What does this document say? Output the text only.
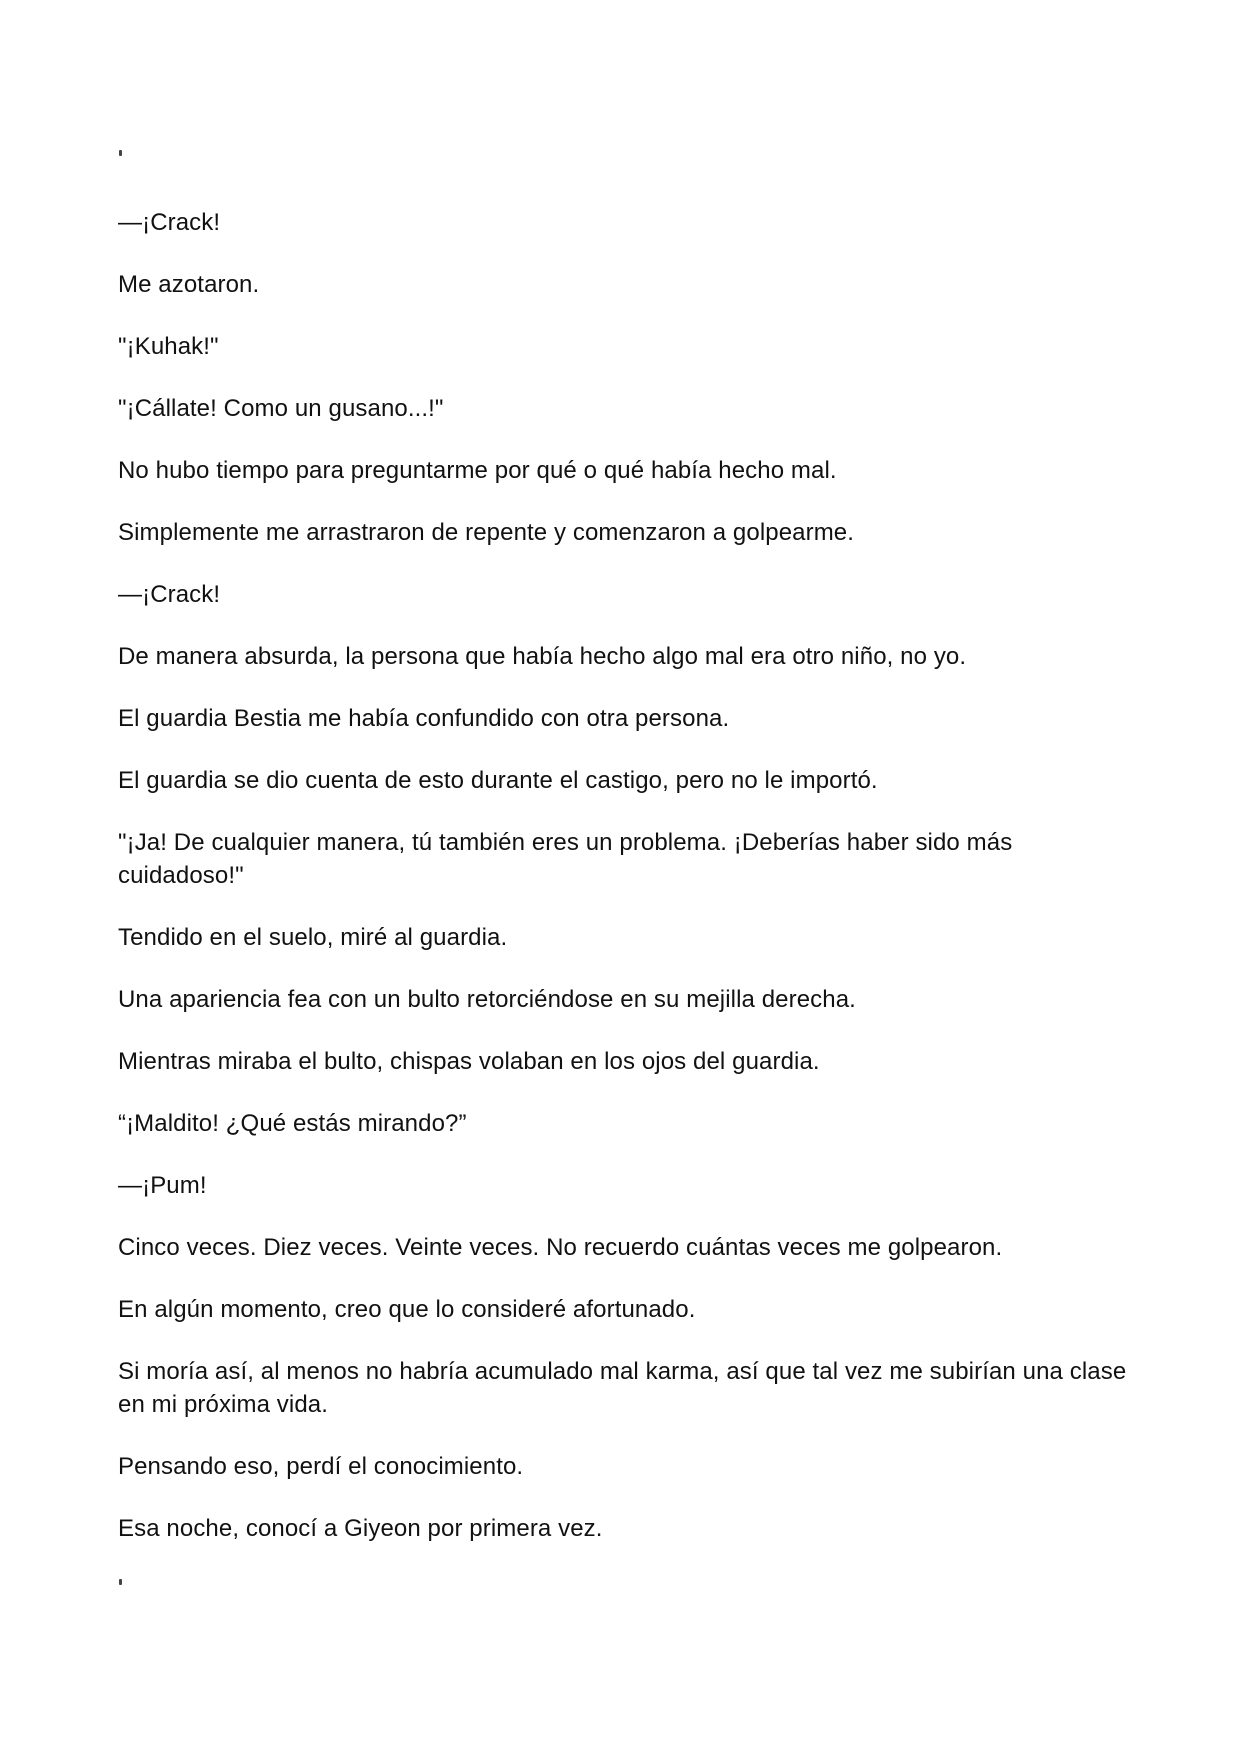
—¡Crack!

Me azotaron.

"¡Kuhak!"

"¡Cállate! Como un gusano...!"

No hubo tiempo para preguntarme por qué o qué había hecho mal.

Simplemente me arrastraron de repente y comenzaron a golpearme.

—¡Crack!

De manera absurda, la persona que había hecho algo mal era otro niño, no yo.

El guardia Bestia me había confundido con otra persona.

El guardia se dio cuenta de esto durante el castigo, pero no le importó.

"¡Ja! De cualquier manera, tú también eres un problema. ¡Deberías haber sido más cuidadoso!"

Tendido en el suelo, miré al guardia.

Una apariencia fea con un bulto retorciéndose en su mejilla derecha.

Mientras miraba el bulto, chispas volaban en los ojos del guardia.

“¡Maldito! ¿Qué estás mirando?”

—¡Pum!

Cinco veces. Diez veces. Veinte veces. No recuerdo cuántas veces me golpearon.

En algún momento, creo que lo consideré afortunado.

Si moría así, al menos no habría acumulado mal karma, así que tal vez me subirían una clase en mi próxima vida.

Pensando eso, perdí el conocimiento.

Esa noche, conocí a Giyeon por primera vez.
